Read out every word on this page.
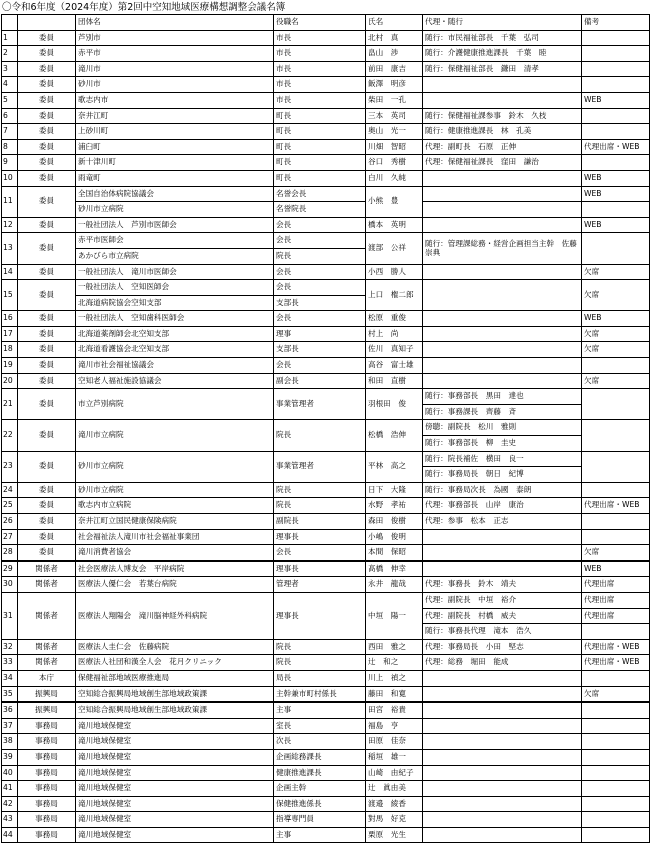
〇令和6年度（2024年度）第2回中空知地域医療構想調整会議名簿
		団体名	役職名	氏名	代理・随行	備考
1	委員	芦別市	市長	北村　真	随行：市民福祉部長　千葉　弘司	
2	委員	赤平市	市長	畠山　渉	随行：介護健康推進課長　千葉　睦	
3	委員	滝川市	市長	前田　康吉	随行：保健福祉部長　鎌田　清孝	
4	委員	砂川市	市長	飯澤　明彦		
5	委員	歌志内市	市長	柴田　一孔		WEB
6	委員	奈井江町	町長	三本　英司	随行：保健福祉課参事　鈴木　久枝	
7	委員	上砂川町	町長	奥山　光一	随行：健康推進課長　林　孔美	
8	委員	浦臼町	町長	川畑　智昭	代理：副町長　石原　正伸	代理出席・WEB
9	委員	新十津川町	町長	谷口　秀樹	代理：保健福祉課長　窪田　謙治	
10	委員	雨竜町	町長	白川　久純		WEB
11	委員	全国自治体病院協議会	名誉会長	小熊　豊		WEB
		砂川市立病院	名誉院長			
12	委員	一般社団法人　芦別市医師会	会長	橋本　英明		WEB
13	委員	赤平市医師会	会長	渡部　公祥	随行：管理課総務・経営企画担当主幹　佐藤　崇典	
		あかびら市立病院	院長			
14	委員	一般社団法人　滝川市医師会	会長	小西　勝人		欠席
15	委員	一般社団法人　空知医師会	会長	上口　権二郎		欠席
		北海道病院協会空知支部	支部長			
16	委員	一般社団法人　空知歯科医師会	会長	松原　重俊		WEB
17	委員	北海道薬剤師会北空知支部	理事	村上　尚		欠席
18	委員	北海道看護協会北空知支部	支部長	佐川　真知子		欠席
19	委員	滝川市社会福祉協議会	会長	高谷　富士雄		
20	委員	空知老人福祉施設協議会	副会長	和田　直樹		欠席
21	委員	市立芦別病院	事業管理者	羽根田　俊	随行：事務部長　黒田　達也	
					随行：事務課長　齊藤　斉	
22	委員	滝川市立病院	院長	松橋　浩伸	傍聴：副院長　松川　雅則	
					随行：事務部長　柳　圭史	
23	委員	砂川市立病院	事業管理者	平林　高之	随行：院長補佐　横田　良一	
					随行：事務局長　朝日　紀博	
24	委員	砂川市立病院	院長	日下　大隆	随行：事務局次長　為國　泰朗	
25	委員	歌志内市立病院	院長	水野　孝祐	代理：事務部長　山岸　康治	代理出席・WEB
26	委員	奈井江町立国民健康保険病院	副院長	森田　俊樹	代理：参事　松本　正志	
27	委員	社会福祉法人滝川市社会福祉事業団	理事長	小嶋　俊明		
28	委員	滝川消費者協会	会長	本間　保昭		欠席
29	関係者	社会医療法人博友会　平岸病院	理事長	髙橋　伸幸		WEB
30	関係者	医療法人優仁会　若葉台病院	管理者	永井　龍哉	代理：事務長　鈴木　靖夫	代理出席
31	関係者	医療法人翔陽会　滝川脳神経外科病院	理事長	中垣　陽一	代理：副院長　中垣　裕介	代理出席
					代理：副院長　村橋　威夫	代理出席
					随行：事務長代理　滝本　浩久	
32	関係者	医療法人圭仁会　佐藤病院	院長	西田　雅之	代理：事務局長　小田　堅志	代理出席・WEB
33	関係者	医療法人社団和漢全人会　花月クリニック	院長	辻　和之	代理：総務　堀田　能成	代理出席・WEB
34	本庁	保健福祉部地域医療推進局	局長	川上　禎之		
35	振興局	空知総合振興局地域創生部地域政策課	主幹兼市町村係長	藤田　和寛		欠席
36	振興局	空知総合振興局地域創生部地域政策課	主事	田宮　裕貴		
37	事務局	滝川地域保健室	室長	福島　亨		
38	事務局	滝川地域保健室	次長	田原　佳奈		
39	事務局	滝川地域保健室	企画総務課長	稲垣　雄一		
40	事務局	滝川地域保健室	健康推進課長	山崎　由紀子		
41	事務局	滝川地域保健室	企画主幹	辻　眞由美		
42	事務局	滝川地域保健室	保健推進係長	渡邉　綾香		
43	事務局	滝川地域保健室	指導専門員	對馬　好克		
44	事務局	滝川地域保健室	主事	栗原　光生		
